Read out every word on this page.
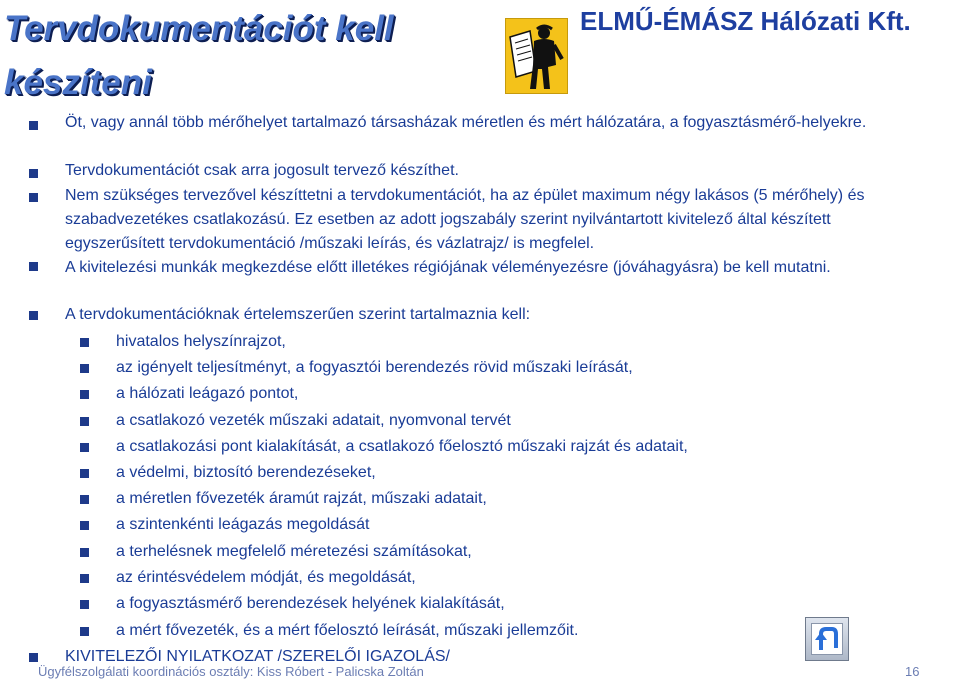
Tervdokumentációt kell készíteni
ELMŰ-ÉMÁSZ Hálózati Kft.

Öt, vagy annál több mérőhelyet tartalmazó társasházak méretlen és mért hálózatára, a fogyasztásmérő-helyekre.

Tervdokumentációt csak arra jogosult tervező készíthet.

Nem szükséges tervezővel készíttetni a tervdokumentációt, ha az épület maximum négy lakásos (5 mérőhely) és szabadvezetékes csatlakozású. Ez esetben az adott jogszabály szerint nyilvántartott kivitelező által készített egyszerűsített tervdokumentáció /műszaki leírás, és vázlatrajz/ is megfelel.

A kivitelezési munkák megkezdése előtt illetékes régiójának véleményezésre (jóváhagyásra) be kell mutatni.

A tervdokumentációknak értelemszerűen szerint tartalmaznia kell:

hivatalos helyszínrajzot,

az igényelt teljesítményt, a fogyasztói berendezés rövid műszaki leírását,

a hálózati leágazó pontot,

a csatlakozó vezeték műszaki adatait, nyomvonal tervét

a csatlakozási pont kialakítását, a csatlakozó főelosztó műszaki rajzát és adatait,

a védelmi, biztosító berendezéseket,

a méretlen fővezeték áramút rajzát, műszaki adatait,

a szintenkénti leágazás megoldását

a terhelésnek megfelelő méretezési számításokat,

az érintésvédelem módját, és megoldását,

a fogyasztásmérő berendezések helyének kialakítását,

a mért fővezeték, és a mért főelosztó leírását, műszaki jellemzőit.

KIVITELEZŐI NYILATKOZAT /SZERELŐI IGAZOLÁS/

Ügyfélszolgálati koordinációs osztály: Kiss Róbert - Palicska Zoltán	16
